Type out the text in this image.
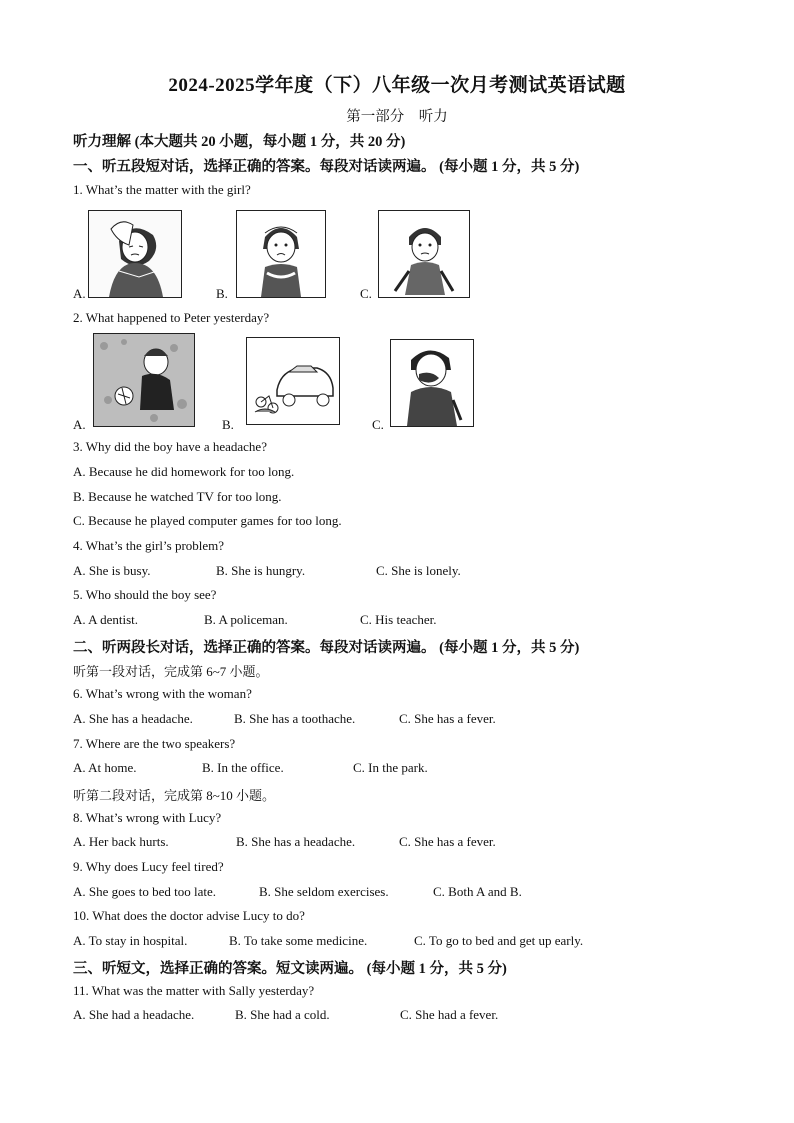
2024-2025学年度（下）八年级一次月考测试英语试题
第一部分　听力
听力理解 (本大题共 20 小题，每小题 1 分，共 20 分)
一、听五段短对话，选择正确的答案。每段对话读两遍。 (每小题 1 分，共 5 分)
1. What’s the matter with the girl?
A.	B.	C.
2. What happened to Peter yesterday?
A.	B.	C.
3. Why did the boy have a headache?
A. Because he did homework for too long.
B. Because he watched TV for too long.
C. Because he played computer games for too long.
4. What’s the girl’s problem?
A. She is busy.	B. She is hungry.	C. She is lonely.
5. Who should the boy see?
A. A dentist.	B. A policeman.	C. His teacher.
二、听两段长对话，选择正确的答案。每段对话读两遍。 (每小题 1 分，共 5 分)
听第一段对话，完成第 6~7 小题。
6. What’s wrong with the woman?
A. She has a headache.	B. She has a toothache.	C. She has a fever.
7. Where are the two speakers?
A. At home.	B. In the office.	C. In the park.
听第二段对话，完成第 8~10 小题。
8. What’s wrong with Lucy?
A. Her back hurts.	B. She has a headache.	C. She has a fever.
9. Why does Lucy feel tired?
A. She goes to bed too late.	B. She seldom exercises.	C. Both A and B.
10. What does the doctor advise Lucy to do?
A. To stay in hospital.	B. To take some medicine.	C. To go to bed and get up early.
三、听短文，选择正确的答案。短文读两遍。 (每小题 1 分，共 5 分)
11. What was the matter with Sally yesterday?
A. She had a headache.	B. She had a cold.	C. She had a fever.
